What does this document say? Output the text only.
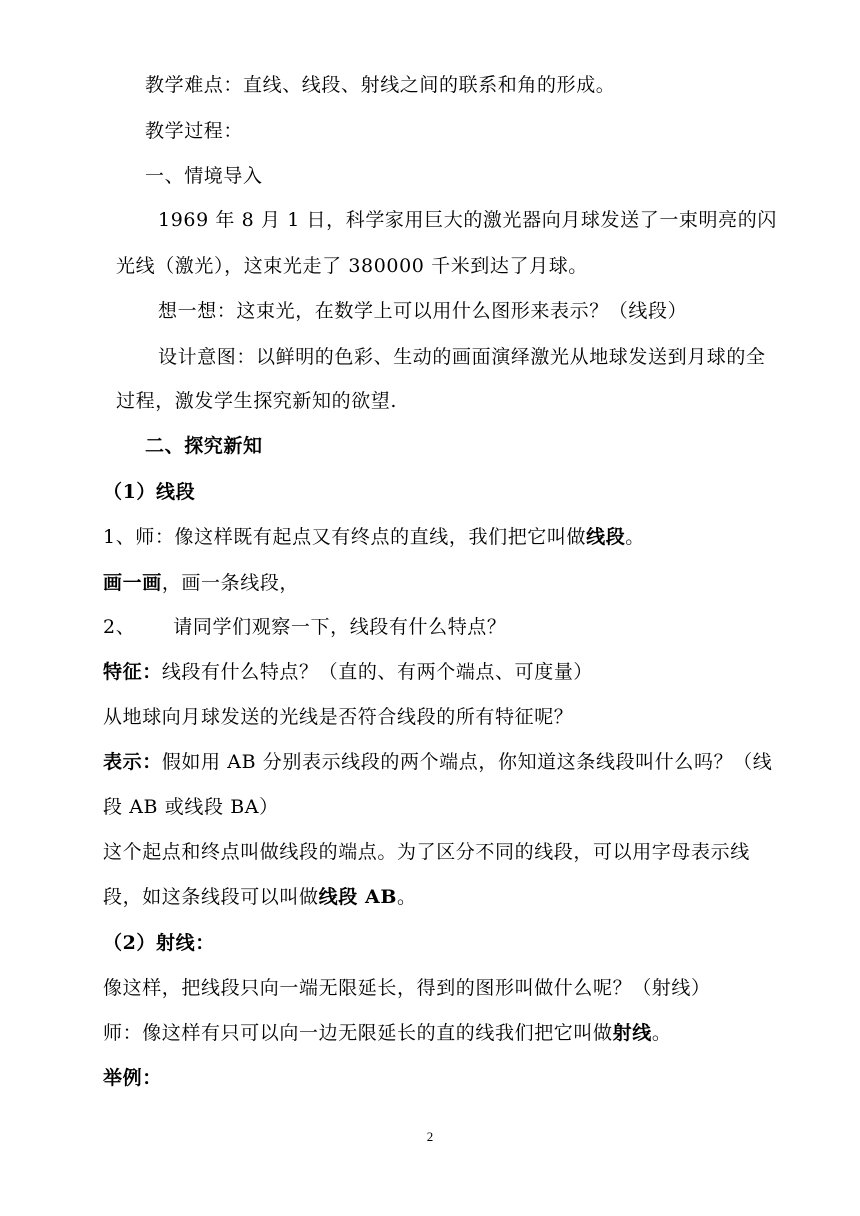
教学难点：直线、线段、射线之间的联系和角的形成。
教学过程：
一、情境导入
1969 年 8 月 1 日，科学家用巨大的激光器向月球发送了一束明亮的闪
光线（激光），这束光走了 380000 千米到达了月球。
想一想：这束光，在数学上可以用什么图形来表示？（线段）
设计意图：以鲜明的色彩、生动的画面演绎激光从地球发送到月球的全
过程，激发学生探究新知的欲望.
二、探究新知
（1）线段
1、师：像这样既有起点又有终点的直线，我们把它叫做线段。
画一画，画一条线段，
2、 请同学们观察一下，线段有什么特点？
特征：线段有什么特点？（直的、有两个端点、可度量）
从地球向月球发送的光线是否符合线段的所有特征呢？
表示：假如用 AB 分别表示线段的两个端点，你知道这条线段叫什么吗？（线
段 AB 或线段 BA）
这个起点和终点叫做线段的端点。为了区分不同的线段，可以用字母表示线
段，如这条线段可以叫做线段 AB。
（2）射线：
像这样，把线段只向一端无限延长，得到的图形叫做什么呢？（射线）
师：像这样有只可以向一边无限延长的直的线我们把它叫做射线。
举例：
2
